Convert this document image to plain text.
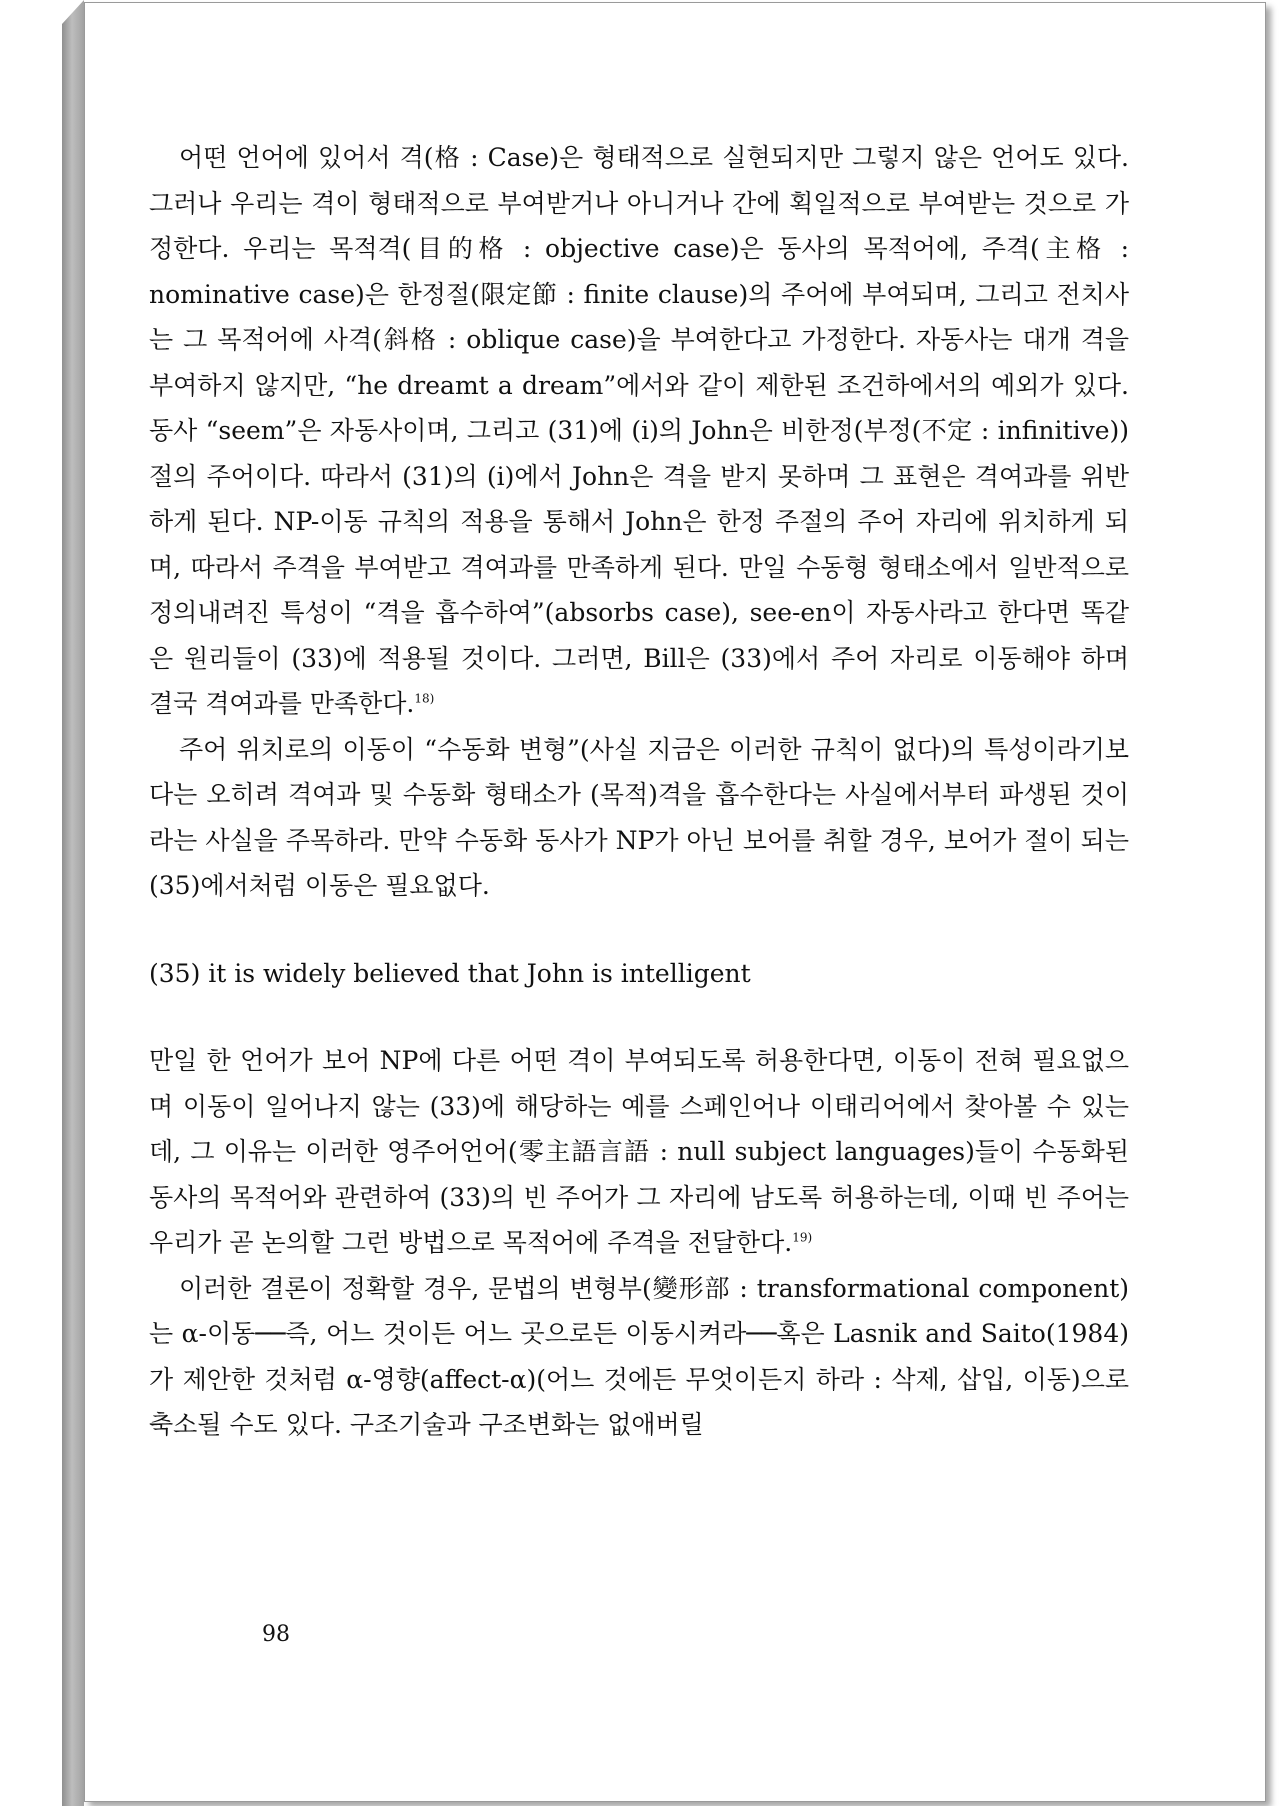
어떤 언어에 있어서 격(格 : Case)은 형태적으로 실현되지만 그렇지 않은 언어도 있다. 그러나 우리는 격이 형태적으로 부여받거나 아니거나 간에 획일적으로 부여받는 것으로 가정한다. 우리는 목적격(目的格 : objective case)은 동사의 목적어에, 주격(主格 : nominative case)은 한정절(限定節 : finite clause)의 주어에 부여되며, 그리고 전치사는 그 목적어에 사격(斜格 : oblique case)을 부여한다고 가정한다. 자동사는 대개 격을 부여하지 않지만, “he dreamt a dream”에서와 같이 제한된 조건하에서의 예외가 있다. 동사 “seem”은 자동사이며, 그리고 (31)에 (i)의 John은 비한정(부정(不定 : infinitive))절의 주어이다. 따라서 (31)의 (i)에서 John은 격을 받지 못하며 그 표현은 격여과를 위반하게 된다. NP-이동 규칙의 적용을 통해서 John은 한정 주절의 주어 자리에 위치하게 되며, 따라서 주격을 부여받고 격여과를 만족하게 된다. 만일 수동형 형태소에서 일반적으로 정의내려진 특성이 “격을 흡수하여”(absorbs case), see-en이 자동사라고 한다면 똑같은 원리들이 (33)에 적용될 것이다. 그러면, Bill은 (33)에서 주어 자리로 이동해야 하며 결국 격여과를 만족한다.$^{18)}$

주어 위치로의 이동이 “수동화 변형”(사실 지금은 이러한 규칙이 없다)의 특성이라기보다는 오히려 격여과 및 수동화 형태소가 (목적)격을 흡수한다는 사실에서부터 파생된 것이라는 사실을 주목하라. 만약 수동화 동사가 NP가 아닌 보어를 취할 경우, 보어가 절이 되는 (35)에서처럼 이동은 필요없다.

(35) it is widely believed that John is intelligent

만일 한 언어가 보어 NP에 다른 어떤 격이 부여되도록 허용한다면, 이동이 전혀 필요없으며 이동이 일어나지 않는 (33)에 해당하는 예를 스페인어나 이태리어에서 찾아볼 수 있는데, 그 이유는 이러한 영주어언어(零主語言語 : null subject languages)들이 수동화된 동사의 목적어와 관련하여 (33)의 빈 주어가 그 자리에 남도록 허용하는데, 이때 빈 주어는 우리가 곧 논의할 그런 방법으로 목적어에 주격을 전달한다.$^{19)}$

이러한 결론이 정확할 경우, 문법의 변형부(變形部 : transformational component)는 α-이동──즉, 어느 것이든 어느 곳으로든 이동시켜라──혹은 Lasnik and Saito(1984)가 제안한 것처럼 α-영향(affect-α)(어느 것에든 무엇이든지 하라 : 삭제, 삽입, 이동)으로 축소될 수도 있다. 구조기술과 구조변화는 없애버릴

98
